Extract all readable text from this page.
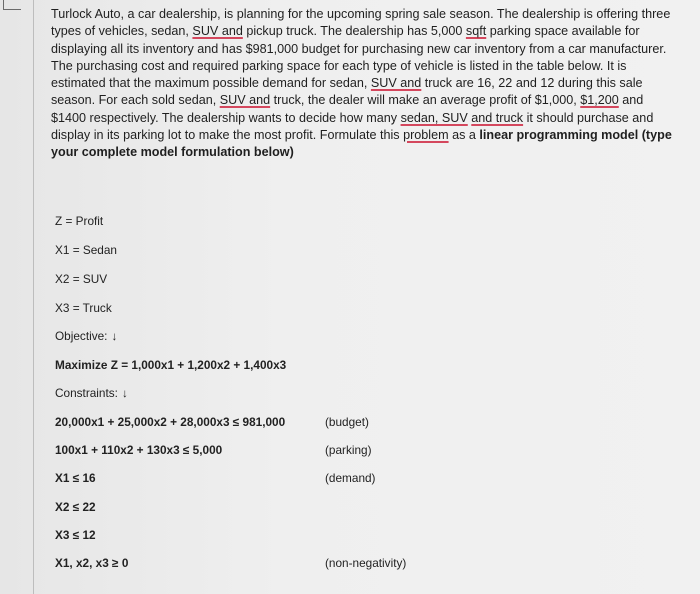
Turlock Auto, a car dealership, is planning for the upcoming spring sale season. The dealership is offering three types of vehicles, sedan, SUV and pickup truck. The dealership has 5,000 sqft parking space available for displaying all its inventory and has $981,000 budget for purchasing new car inventory from a car manufacturer. The purchasing cost and required parking space for each type of vehicle is listed in the table below. It is estimated that the maximum possible demand for sedan, SUV and truck are 16, 22 and 12 during this sale season. For each sold sedan, SUV and truck, the dealer will make an average profit of $1,000, $1,200 and $1400 respectively. The dealership wants to decide how many sedan, SUV and truck it should purchase and display in its parking lot to make the most profit. Formulate this problem as a linear programming model (type your complete model formulation below)

Z = Profit
X1 = Sedan
X2 = SUV
X3 = Truck
Objective: ↓
Maximize Z = 1,000x1 + 1,200x2 + 1,400x3
Constraints: ↓
20,000x1 + 25,000x2 + 28,000x3 ≤ 981,000	(budget)
100x1 + 110x2 + 130x3 ≤ 5,000	(parking)
X1 ≤ 16	(demand)
X2 ≤ 22
X3 ≤ 12
X1, x2, x3 ≥ 0	(non-negativity)
